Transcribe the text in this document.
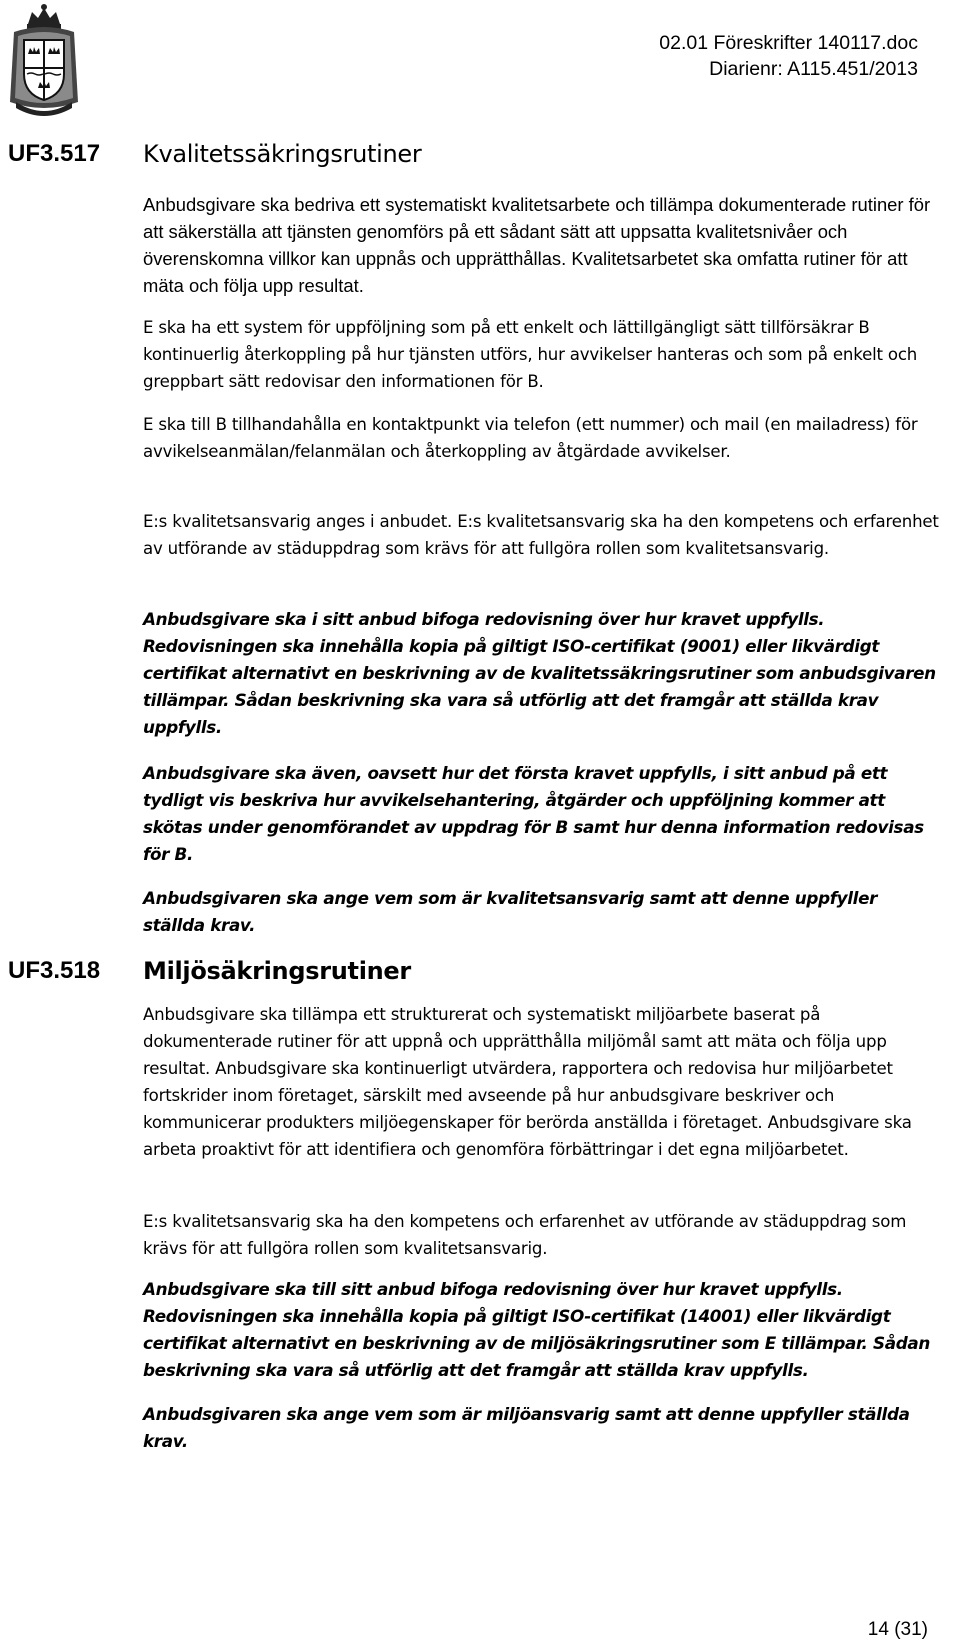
02.01 Föreskrifter 140117.doc
Diarienr: A115.451/2013
UF3.517 Kvalitetssäkringsrutiner

Anbudsgivare ska bedriva ett systematiskt kvalitetsarbete och tillämpa dokumenterade rutiner för att säkerställa att tjänsten genomförs på ett sådant sätt att uppsatta kvalitetsnivåer och överenskomna villkor kan uppnås och upprätthållas. Kvalitetsarbetet ska omfatta rutiner för att mäta och följa upp resultat.

E ska ha ett system för uppföljning som på ett enkelt och lättillgängligt sätt tillförsäkrar B kontinuerlig återkoppling på hur tjänsten utförs, hur avvikelser hanteras och som på enkelt och greppbart sätt redovisar den informationen för B.

E ska till B tillhandahålla en kontaktpunkt via telefon (ett nummer) och mail (en mailadress) för avvikelseanmälan/felanmälan och återkoppling av åtgärdade avvikelser.

E:s kvalitetsansvarig anges i anbudet. E:s kvalitetsansvarig ska ha den kompetens och erfarenhet av utförande av städuppdrag som krävs för att fullgöra rollen som kvalitetsansvarig.

Anbudsgivare ska i sitt anbud bifoga redovisning över hur kravet uppfylls. Redovisningen ska innehålla kopia på giltigt ISO-certifikat (9001) eller likvärdigt certifikat alternativt en beskrivning av de kvalitetssäkringsrutiner som anbudsgivaren tillämpar. Sådan beskrivning ska vara så utförlig att det framgår att ställda krav uppfylls.

Anbudsgivare ska även, oavsett hur det första kravet uppfylls, i sitt anbud på ett tydligt vis beskriva hur avvikelsehantering, åtgärder och uppföljning kommer att skötas under genomförandet av uppdrag för B samt hur denna information redovisas för B.

Anbudsgivaren ska ange vem som är kvalitetsansvarig samt att denne uppfyller ställda krav.

UF3.518 Miljösäkringsrutiner

Anbudsgivare ska tillämpa ett strukturerat och systematiskt miljöarbete baserat på dokumenterade rutiner för att uppnå och upprätthålla miljömål samt att mäta och följa upp resultat. Anbudsgivare ska kontinuerligt utvärdera, rapportera och redovisa hur miljöarbetet fortskrider inom företaget, särskilt med avseende på hur anbudsgivare beskriver och kommunicerar produkters miljöegenskaper för berörda anställda i företaget. Anbudsgivare ska arbeta proaktivt för att identifiera och genomföra förbättringar i det egna miljöarbetet.

E:s kvalitetsansvarig ska ha den kompetens och erfarenhet av utförande av städuppdrag som krävs för att fullgöra rollen som kvalitetsansvarig.

Anbudsgivare ska till sitt anbud bifoga redovisning över hur kravet uppfylls. Redovisningen ska innehålla kopia på giltigt ISO-certifikat (14001) eller likvärdigt certifikat alternativt en beskrivning av de miljösäkringsrutiner som E tillämpar. Sådan beskrivning ska vara så utförlig att det framgår att ställda krav uppfylls.

Anbudsgivaren ska ange vem som är miljöansvarig samt att denne uppfyller ställda krav.

14 (31)
